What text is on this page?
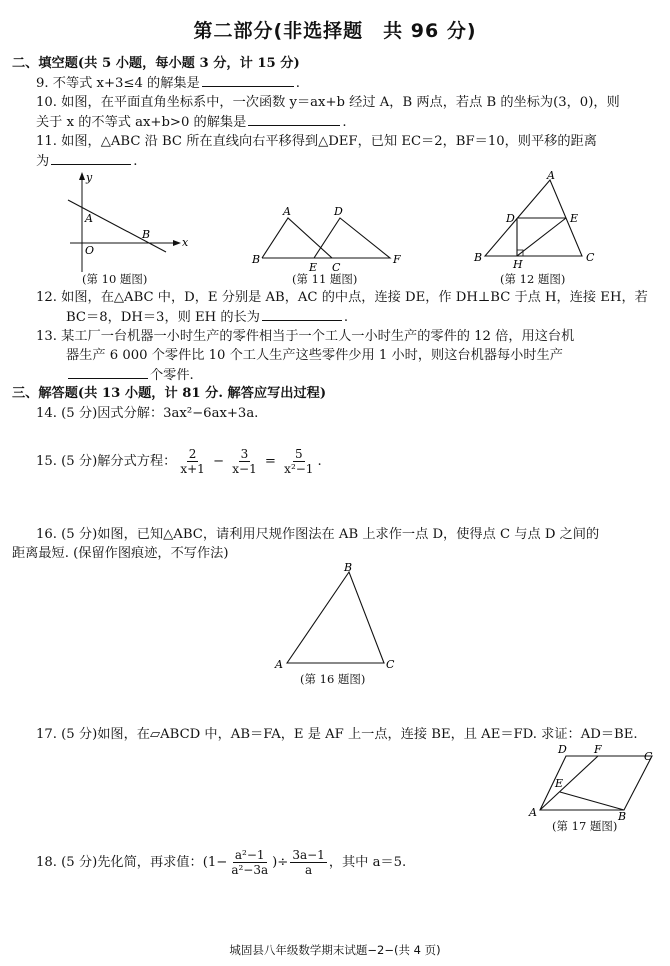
第二部分(非选择题　共 96 分)
二、填空题(共 5 小题，每小题 3 分，计 15 分)
9. 不等式 x+3≤4 的解集是	.
10. 如图，在平面直角坐标系中，一次函数 y＝ax+b 经过 A，B 两点，若点 B 的坐标为(3，0)，则
关于 x 的不等式 ax+b>0 的解集是	.
11. 如图，△ABC 沿 BC 所在直线向右平移得到△DEF，已知 EC＝2，BF＝10，则平移的距离
为	.
y
x
O
A
B
(第 10 题图)
A	D
B
E C
F
(第 11 题图)
A
D	E
B
H
C
(第 12 题图)
12. 如图，在△ABC 中，D，E 分别是 AB，AC 的中点，连接 DE，作 DH⊥BC 于点 H，连接 EH，若
BC＝8，DH＝3，则 EH 的长为	.
13. 某工厂一台机器一小时生产的零件相当于一个工人一小时生产的零件的 12 倍，用这台机
器生产 6 000 个零件比 10 个工人生产这些零件少用 1 小时，则这台机器每小时生产
个零件.
三、解答题(共 13 小题，计 81 分. 解答应写出过程)
14. (5 分)因式分解：3ax²−6ax+3a.
15. (5 分)解分式方程： $\frac{2}{x+1} - \frac{3}{x-1} = \frac{5}{\text{x²−1}}$ .
16. (5 分)如图，已知△ABC，请利用尺规作图法在 AB 上求作一点 D，使得点 C 与点 D 之间的
距离最短. (保留作图痕迹，不写作法)
B
A	C
(第 16 题图)
17. (5 分)如图，在▱ABCD 中，AB＝FA，E 是 AF 上一点，连接 BE，且 AE＝FD. 求证：AD＝BE.
D F
C
E
A	B
(第 17 题图)
18. (5 分)先化简，再求值：($1- \frac{\text{a²−1}}{\text{a²−3a}}$ )÷ $\frac{3a-1}{a}$ ，其中 a＝5.
城固县八年级数学期末试题−2−(共 4 页)
